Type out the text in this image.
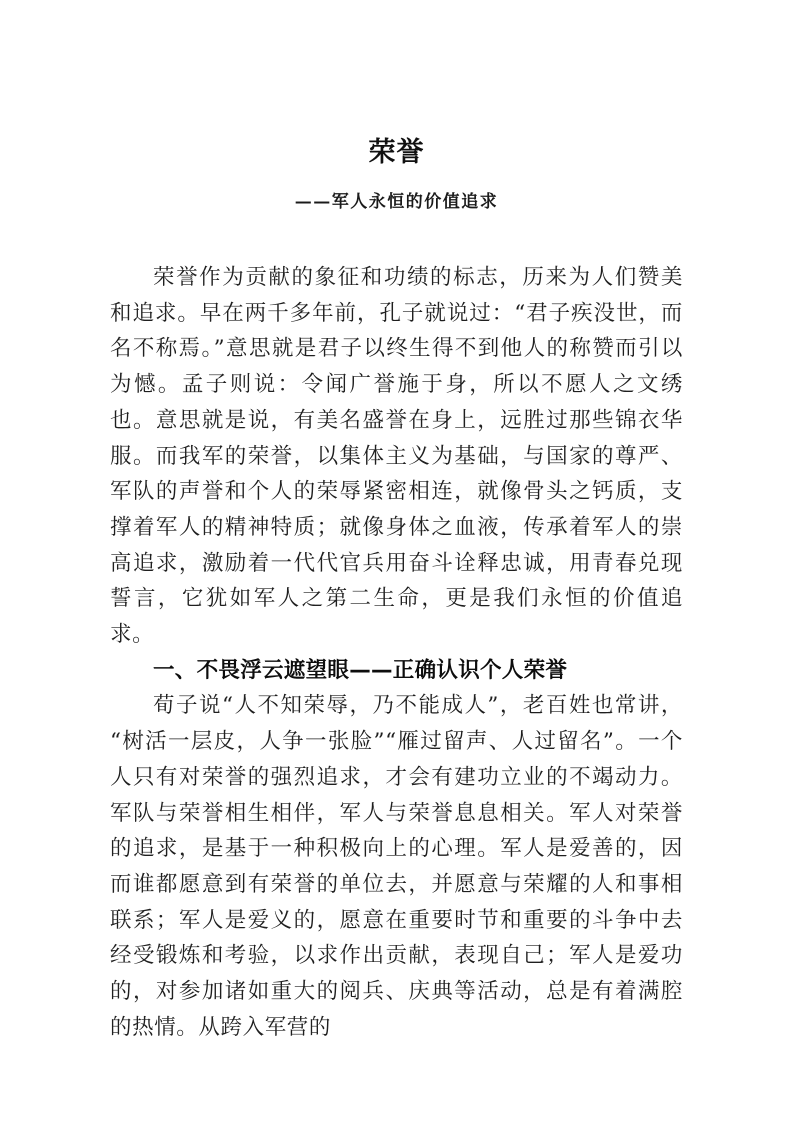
荣誉
——军人永恒的价值追求

荣誉作为贡献的象征和功绩的标志，历来为人们赞美和追求。早在两千多年前，孔子就说过：“君子疾没世，而名不称焉。”意思就是君子以终生得不到他人的称赞而引以为憾。孟子则说：令闻广誉施于身，所以不愿人之文绣也。意思就是说，有美名盛誉在身上，远胜过那些锦衣华服。而我军的荣誉，以集体主义为基础，与国家的尊严、军队的声誉和个人的荣辱紧密相连，就像骨头之钙质，支撑着军人的精神特质；就像身体之血液，传承着军人的崇高追求，激励着一代代官兵用奋斗诠释忠诚，用青春兑现誓言，它犹如军人之第二生命，更是我们永恒的价值追求。

一、不畏浮云遮望眼——正确认识个人荣誉

荀子说“人不知荣辱，乃不能成人”，老百姓也常讲，“树活一层皮，人争一张脸”“雁过留声、人过留名”。一个人只有对荣誉的强烈追求，才会有建功立业的不竭动力。军队与荣誉相生相伴，军人与荣誉息息相关。军人对荣誉的追求，是基于一种积极向上的心理。军人是爱善的，因而谁都愿意到有荣誉的单位去，并愿意与荣耀的人和事相联系；军人是爱义的，愿意在重要时节和重要的斗争中去经受锻炼和考验，以求作出贡献，表现自己；军人是爱功的，对参加诸如重大的阅兵、庆典等活动，总是有着满腔的热情。从跨入军营的
